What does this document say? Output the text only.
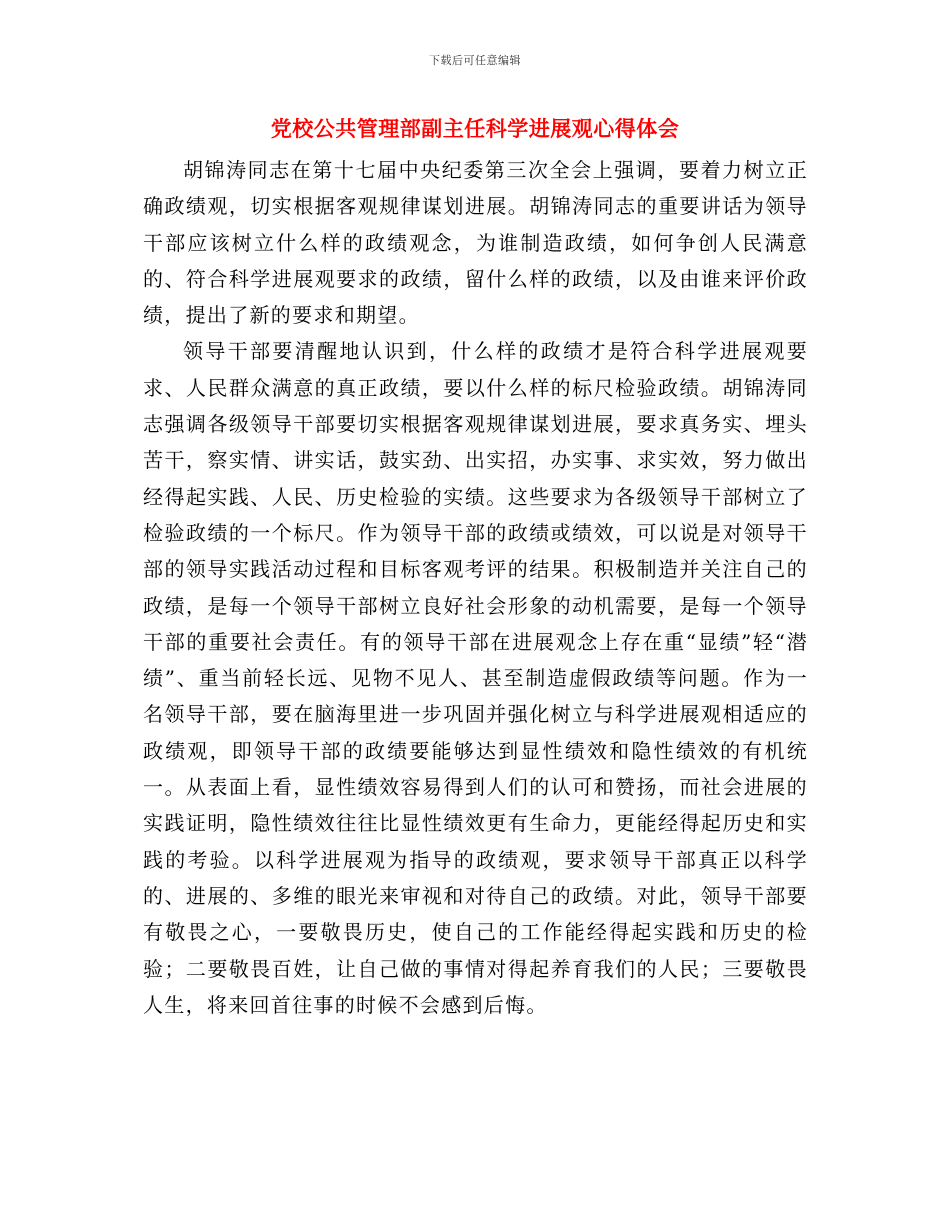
下载后可任意编辑
党校公共管理部副主任科学进展观心得体会

胡锦涛同志在第十七届中央纪委第三次全会上强调，要着力树立正确政绩观，切实根据客观规律谋划进展。胡锦涛同志的重要讲话为领导干部应该树立什么样的政绩观念，为谁制造政绩，如何争创人民满意的、符合科学进展观要求的政绩，留什么样的政绩，以及由谁来评价政绩，提出了新的要求和期望。

领导干部要清醒地认识到，什么样的政绩才是符合科学进展观要求、人民群众满意的真正政绩，要以什么样的标尺检验政绩。胡锦涛同志强调各级领导干部要切实根据客观规律谋划进展，要求真务实、埋头苦干，察实情、讲实话，鼓实劲、出实招，办实事、求实效，努力做出经得起实践、人民、历史检验的实绩。这些要求为各级领导干部树立了检验政绩的一个标尺。作为领导干部的政绩或绩效，可以说是对领导干部的领导实践活动过程和目标客观考评的结果。积极制造并关注自己的政绩，是每一个领导干部树立良好社会形象的动机需要，是每一个领导干部的重要社会责任。有的领导干部在进展观念上存在重“显绩”轻“潜绩”、重当前轻长远、见物不见人、甚至制造虚假政绩等问题。作为一名领导干部，要在脑海里进一步巩固并强化树立与科学进展观相适应的政绩观，即领导干部的政绩要能够达到显性绩效和隐性绩效的有机统一。从表面上看，显性绩效容易得到人们的认可和赞扬，而社会进展的实践证明，隐性绩效往往比显性绩效更有生命力，更能经得起历史和实践的考验。以科学进展观为指导的政绩观，要求领导干部真正以科学的、进展的、多维的眼光来审视和对待自己的政绩。对此，领导干部要有敬畏之心，一要敬畏历史，使自己的工作能经得起实践和历史的检验；二要敬畏百姓，让自己做的事情对得起养育我们的人民；三要敬畏人生，将来回首往事的时候不会感到后悔。
